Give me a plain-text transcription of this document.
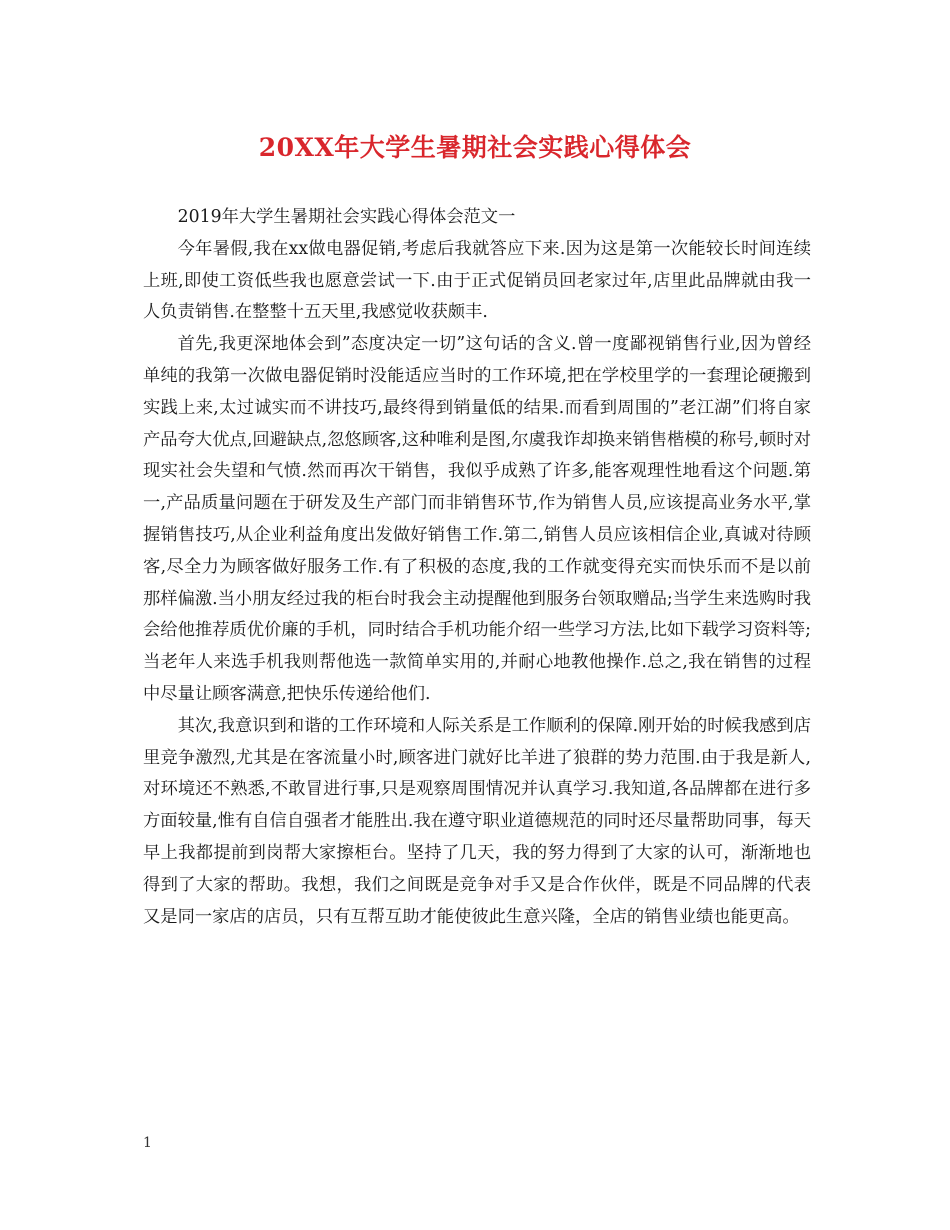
20XX年大学生暑期社会实践心得体会

2019年大学生暑期社会实践心得体会范文一

今年暑假,我在xx做电器促销,考虑后我就答应下来.因为这是第一次能较长时间连续上班,即使工资低些我也愿意尝试一下.由于正式促销员回老家过年,店里此品牌就由我一人负责销售.在整整十五天里,我感觉收获颇丰.

首先,我更深地体会到”态度决定一切”这句话的含义.曾一度鄙视销售行业,因为曾经单纯的我第一次做电器促销时没能适应当时的工作环境,把在学校里学的一套理论硬搬到实践上来,太过诚实而不讲技巧,最终得到销量低的结果.而看到周围的”老江湖”们将自家产品夸大优点,回避缺点,忽悠顾客,这种唯利是图,尔虞我诈却换来销售楷模的称号,顿时对现实社会失望和气愤.然而再次干销售，我似乎成熟了许多,能客观理性地看这个问题.第一,产品质量问题在于研发及生产部门而非销售环节,作为销售人员,应该提高业务水平,掌握销售技巧,从企业利益角度出发做好销售工作.第二,销售人员应该相信企业,真诚对待顾客,尽全力为顾客做好服务工作.有了积极的态度,我的工作就变得充实而快乐而不是以前那样偏激.当小朋友经过我的柜台时我会主动提醒他到服务台领取赠品;当学生来选购时我会给他推荐质优价廉的手机，同时结合手机功能介绍一些学习方法,比如下载学习资料等;当老年人来选手机我则帮他选一款简单实用的,并耐心地教他操作.总之,我在销售的过程中尽量让顾客满意,把快乐传递给他们.

其次,我意识到和谐的工作环境和人际关系是工作顺利的保障.刚开始的时候我感到店里竞争激烈,尤其是在客流量小时,顾客进门就好比羊进了狼群的势力范围.由于我是新人,对环境还不熟悉,不敢冒进行事,只是观察周围情况并认真学习.我知道,各品牌都在进行多方面较量,惟有自信自强者才能胜出.我在遵守职业道德规范的同时还尽量帮助同事，每天早上我都提前到岗帮大家擦柜台。坚持了几天，我的努力得到了大家的认可，渐渐地也得到了大家的帮助。我想，我们之间既是竞争对手又是合作伙伴，既是不同品牌的代表又是同一家店的店员，只有互帮互助才能使彼此生意兴隆，全店的销售业绩也能更高。

1
